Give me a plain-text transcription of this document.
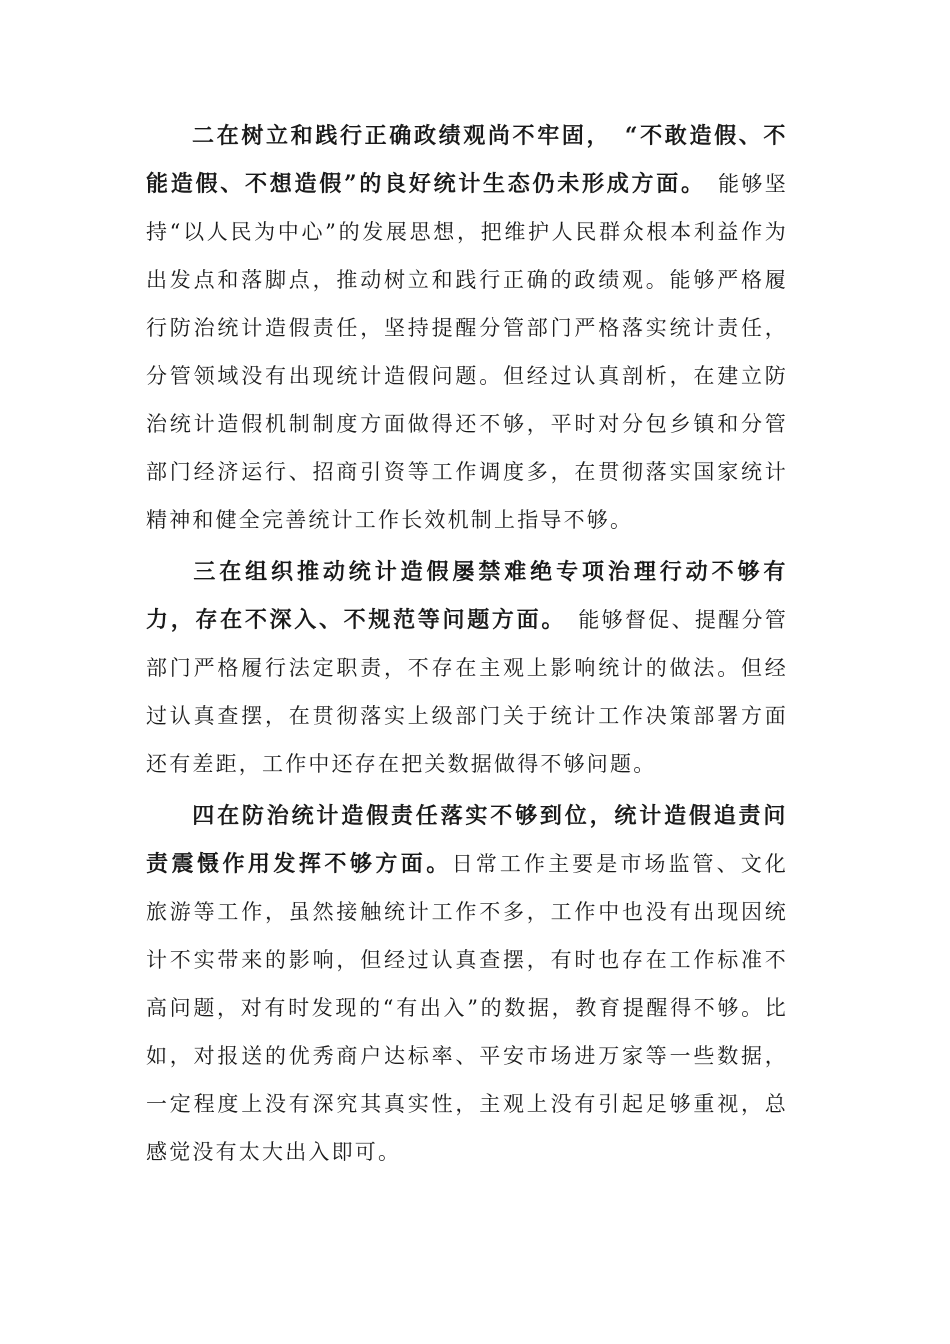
二在树立和践行正确政绩观尚不牢固，　“不敢造假、不能造假、不想造假”的良好统计生态仍未形成方面。　能够坚持“以人民为中心”的发展思想，把维护人民群众根本利益作为出发点和落脚点，推动树立和践行正确的政绩观。能够严格履行防治统计造假责任，坚持提醒分管部门严格落实统计责任，分管领域没有出现统计造假问题。但经过认真剖析，在建立防治统计造假机制制度方面做得还不够，平时对分包乡镇和分管部门经济运行、招商引资等工作调度多，在贯彻落实国家统计精神和健全完善统计工作长效机制上指导不够。

三在组织推动统计造假屡禁难绝专项治理行动不够有力，存在不深入、不规范等问题方面。　能够督促、提醒分管部门严格履行法定职责，不存在主观上影响统计的做法。但经过认真查摆，在贯彻落实上级部门关于统计工作决策部署方面还有差距，工作中还存在把关数据做得不够问题。

四在防治统计造假责任落实不够到位，统计造假追责问责震慑作用发挥不够方面。日常工作主要是市场监管、文化旅游等工作，虽然接触统计工作不多，工作中也没有出现因统计不实带来的影响，但经过认真查摆，有时也存在工作标准不高问题，对有时发现的“有出入”的数据，教育提醒得不够。比如，对报送的优秀商户达标率、平安市场进万家等一些数据，一定程度上没有深究其真实性，主观上没有引起足够重视，总感觉没有太大出入即可。
